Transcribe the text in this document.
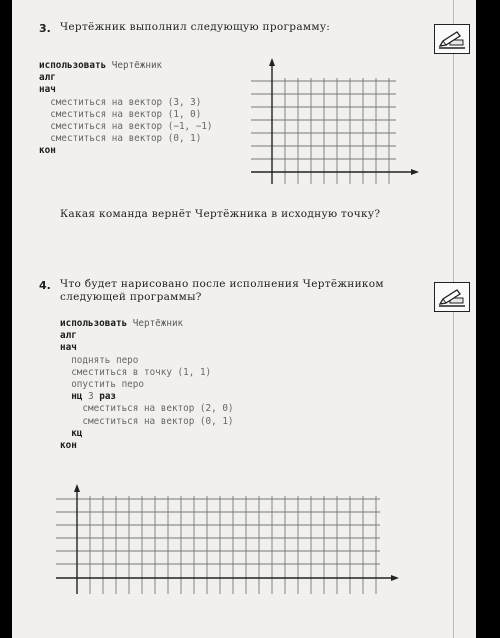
3. Чертёжник выполнил следующую программу:
использовать Чертёжник
алг
нач
сместиться на вектор (3, 3)
сместиться на вектор (1, 0)
сместиться на вектор (−1, −1)
сместиться на вектор (0, 1)
кон
Какая команда вернёт Чертёжника в исходную точку?
4. Что будет нарисовано после исполнения Чертёжником
следующей программы?
использовать Чертёжник
алг
нач
поднять перо
сместиться в точку (1, 1)
опустить перо
нц 3 раз
сместиться на вектор (2, 0)
сместиться на вектор (0, 1)
кц
кон
